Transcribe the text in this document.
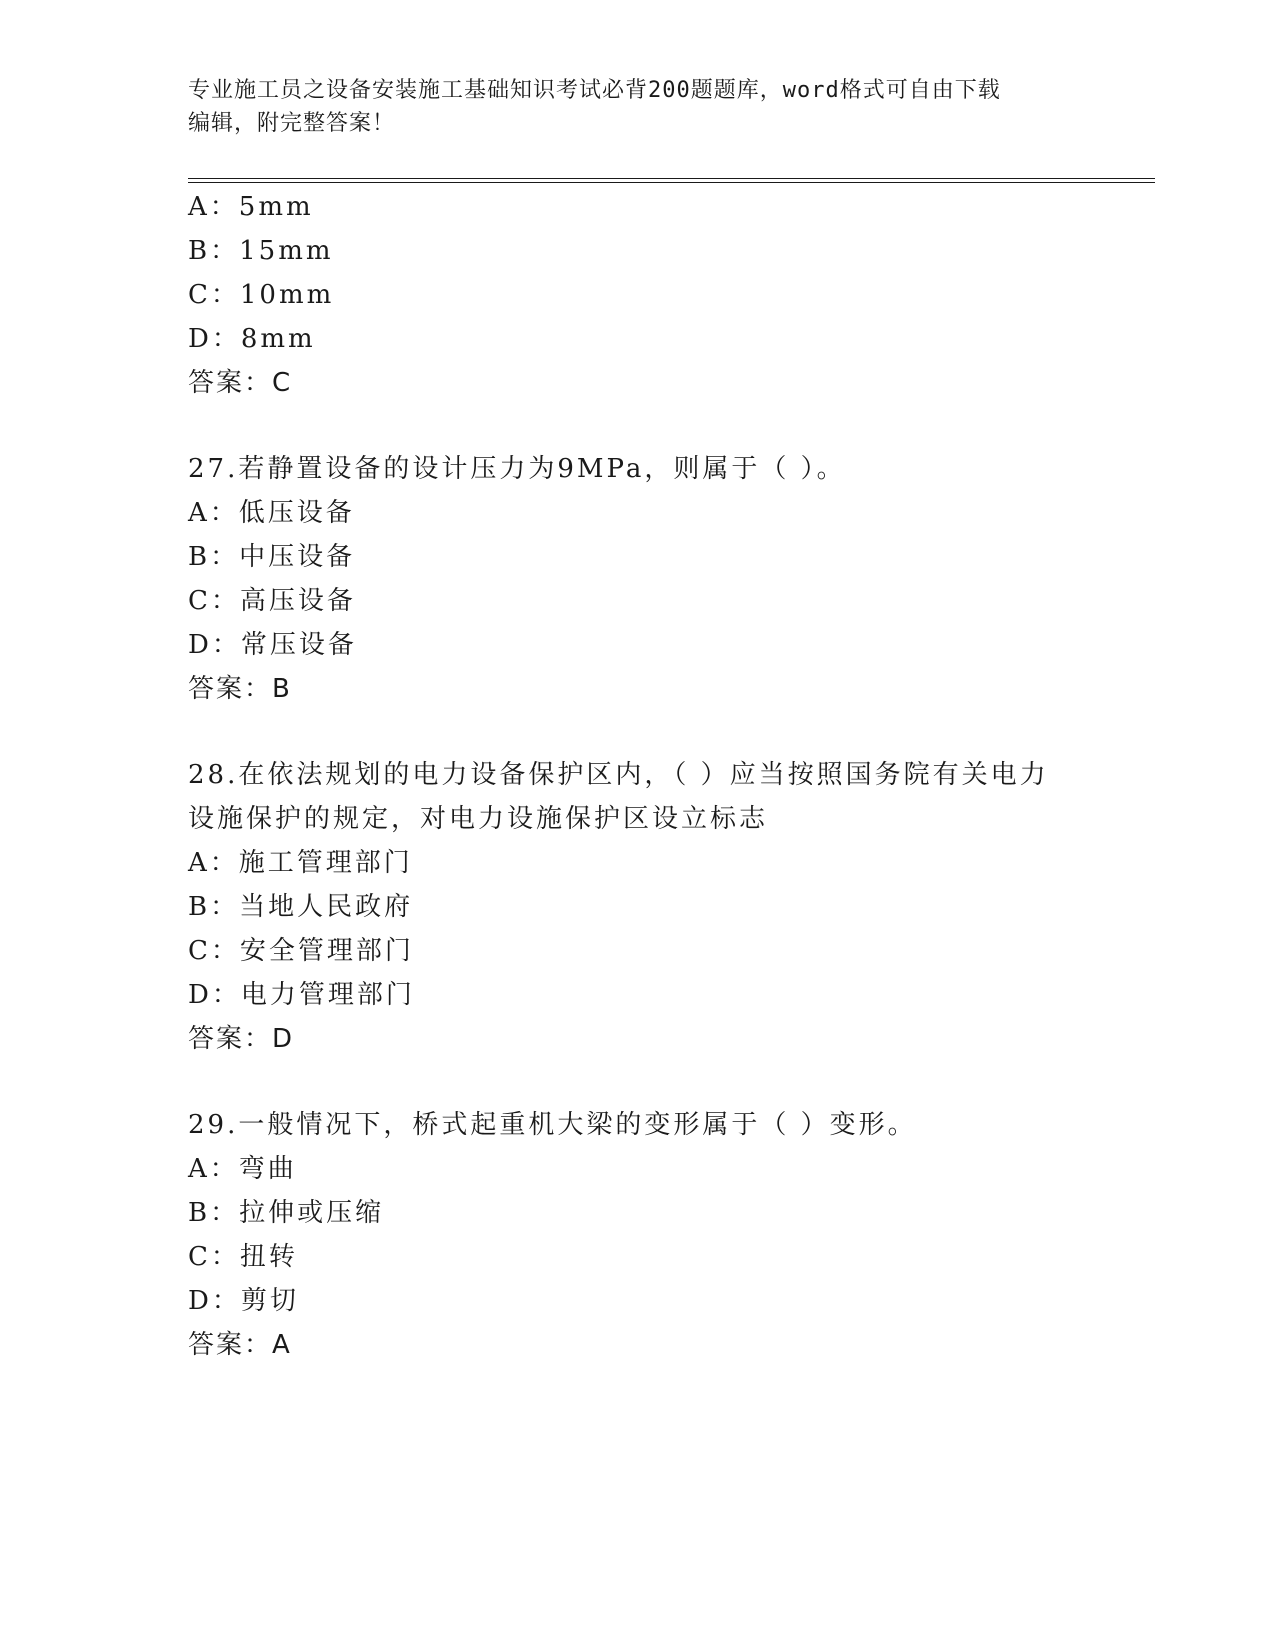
专业施工员之设备安装施工基础知识考试必背200题题库，word格式可自由下载
编辑，附完整答案！
A：5mm
B：15mm
C：10mm
D：8mm
答案：C
27.若静置设备的设计压力为9MPa，则属于（ ）。
A：低压设备
B：中压设备
C：高压设备
D：常压设备
答案：B
28.在依法规划的电力设备保护区内，（ ）应当按照国务院有关电力
设施保护的规定，对电力设施保护区设立标志
A：施工管理部门
B：当地人民政府
C：安全管理部门
D：电力管理部门
答案：D
29.一般情况下，桥式起重机大梁的变形属于（ ）变形。
A：弯曲
B：拉伸或压缩
C：扭转
D：剪切
答案：A
